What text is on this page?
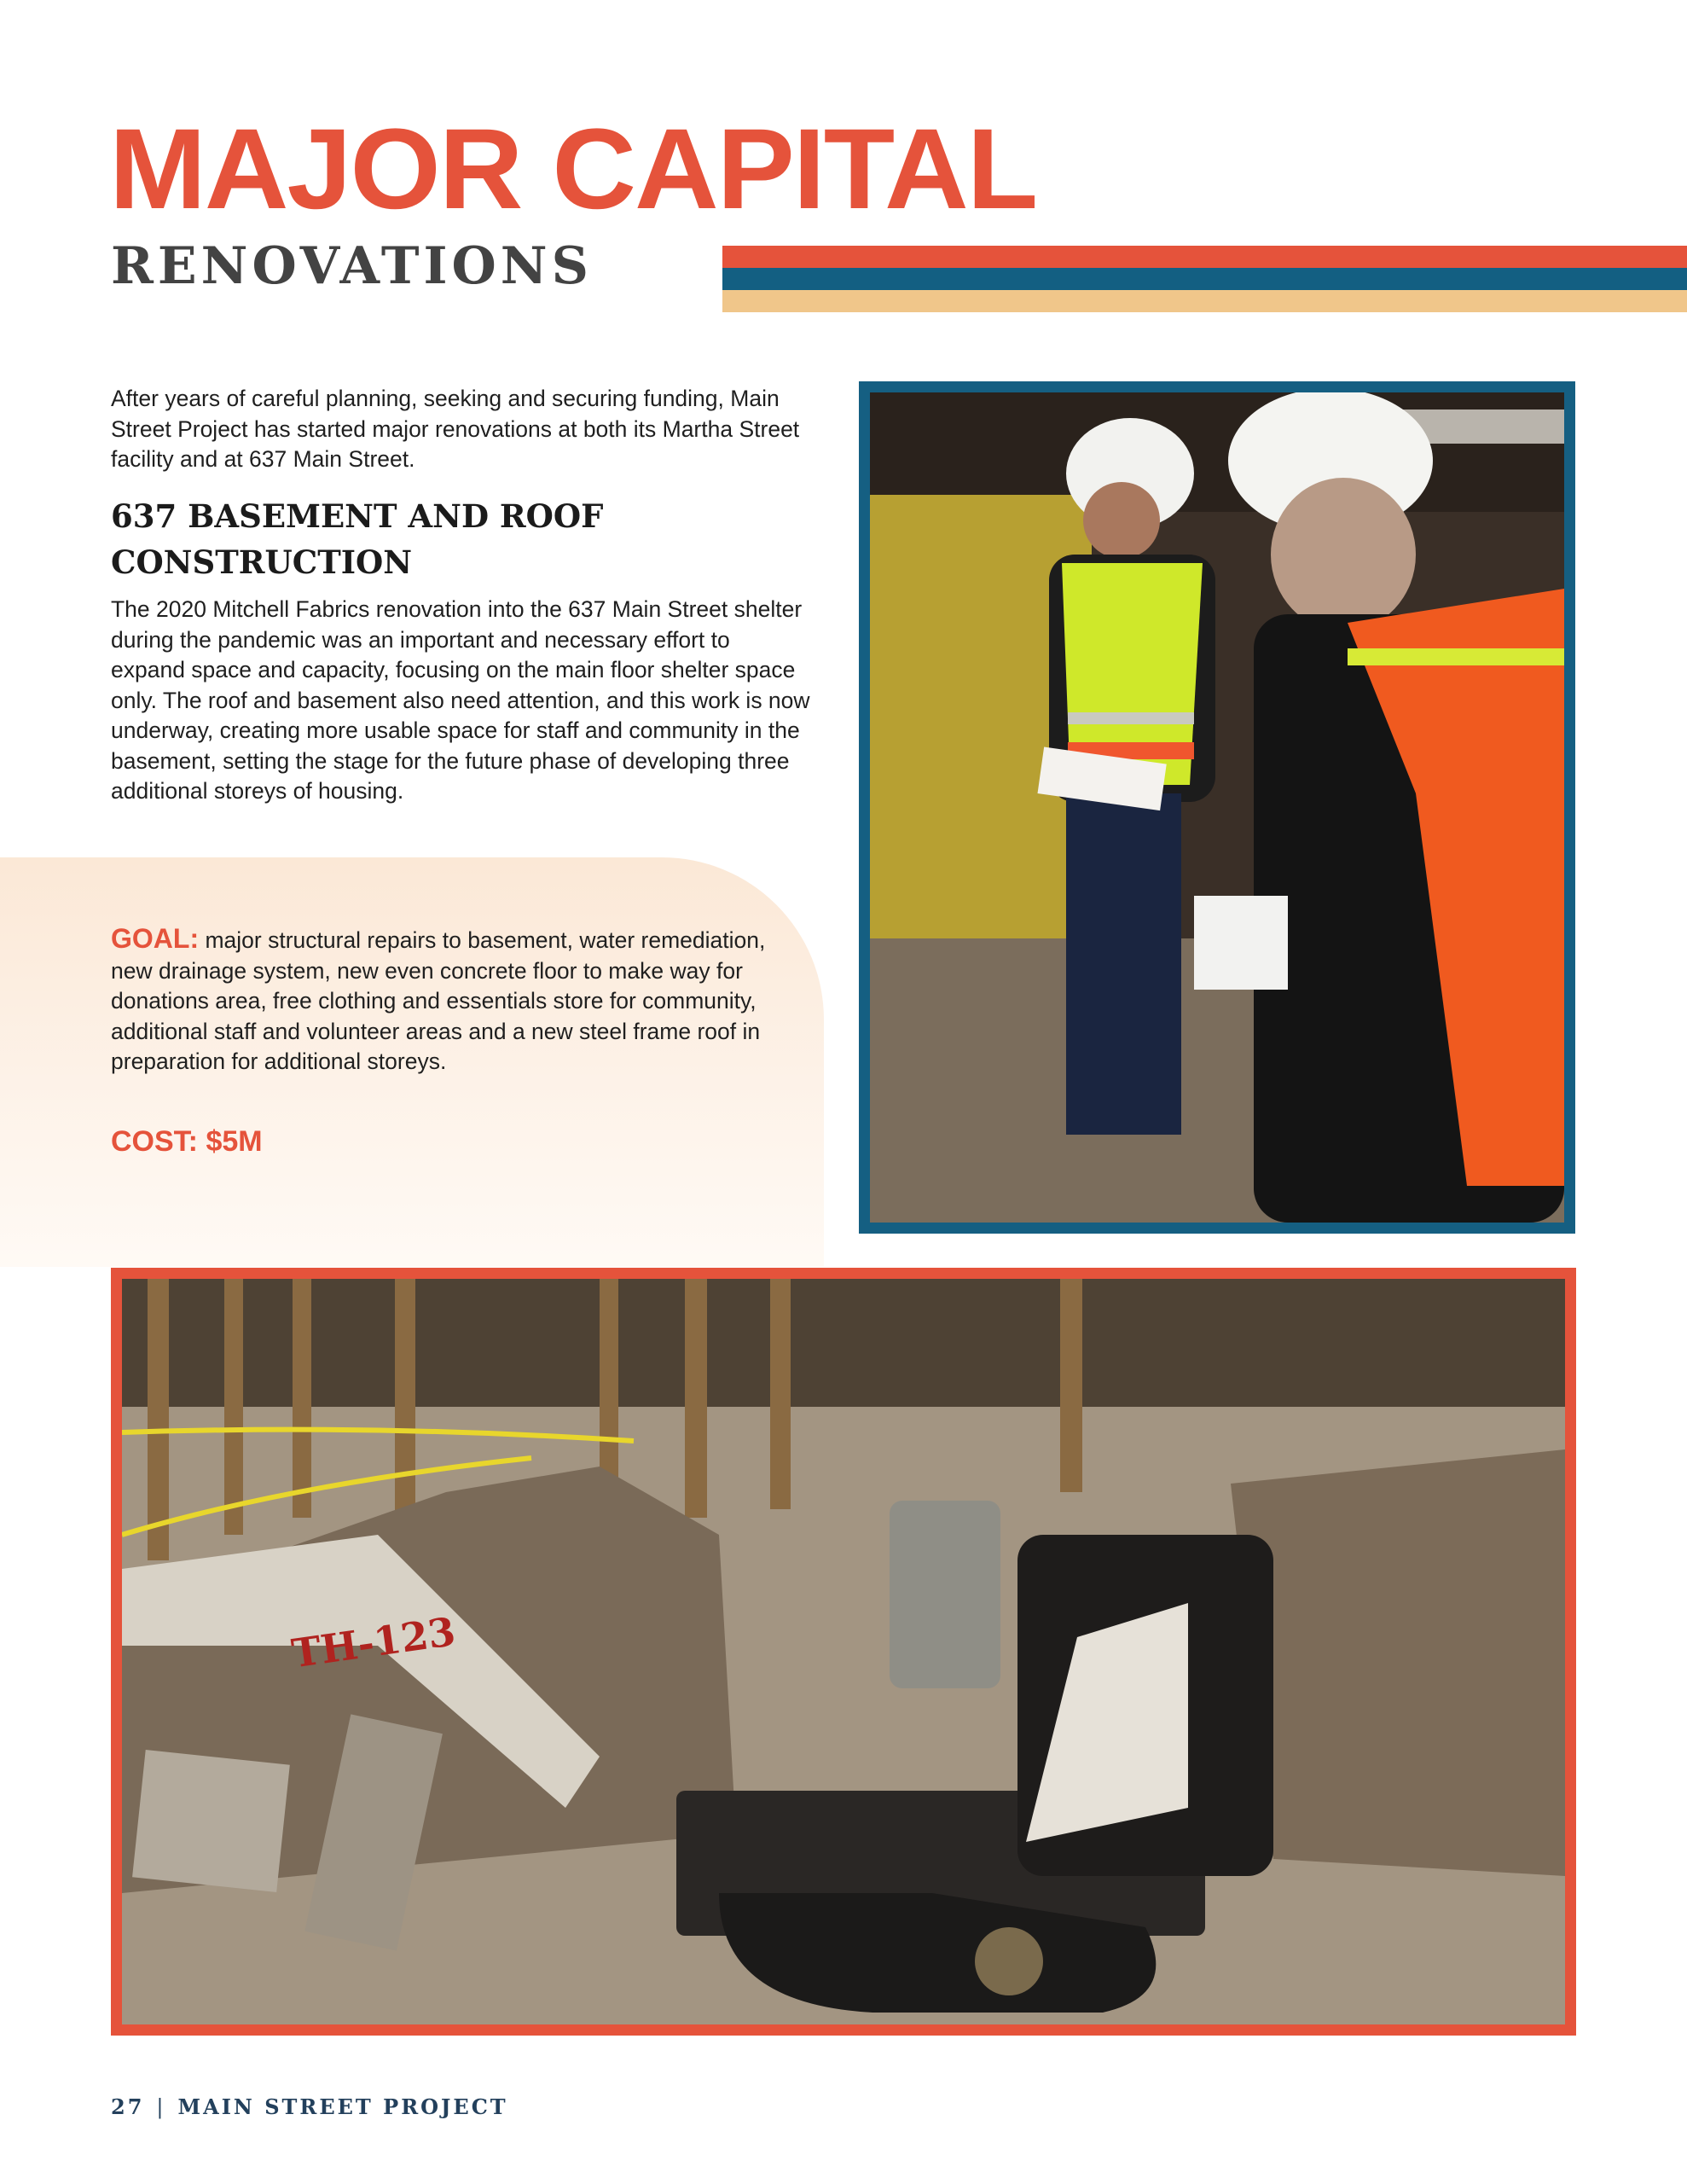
MAJOR CAPITAL
RENOVATIONS

After years of careful planning, seeking and securing funding, Main Street Project has started major renovations at both its Martha Street facility and at 637 Main Street.

637 BASEMENT AND ROOF
CONSTRUCTION

The 2020 Mitchell Fabrics renovation into the 637 Main Street shelter during the pandemic was an important and necessary effort to expand space and capacity, focusing on the main floor shelter space only. The roof and basement also need attention, and this work is now underway, creating more usable space for staff and community in the basement, setting the stage for the future phase of developing three additional storeys of housing.

GOAL: major structural repairs to basement, water remediation, new drainage system, new even concrete floor to make way for donations area, free clothing and essentials store for community, additional staff and volunteer areas and a new steel frame roof in preparation for additional storeys.

COST: $5M
TH-123
27 | MAIN STREET PROJECT
